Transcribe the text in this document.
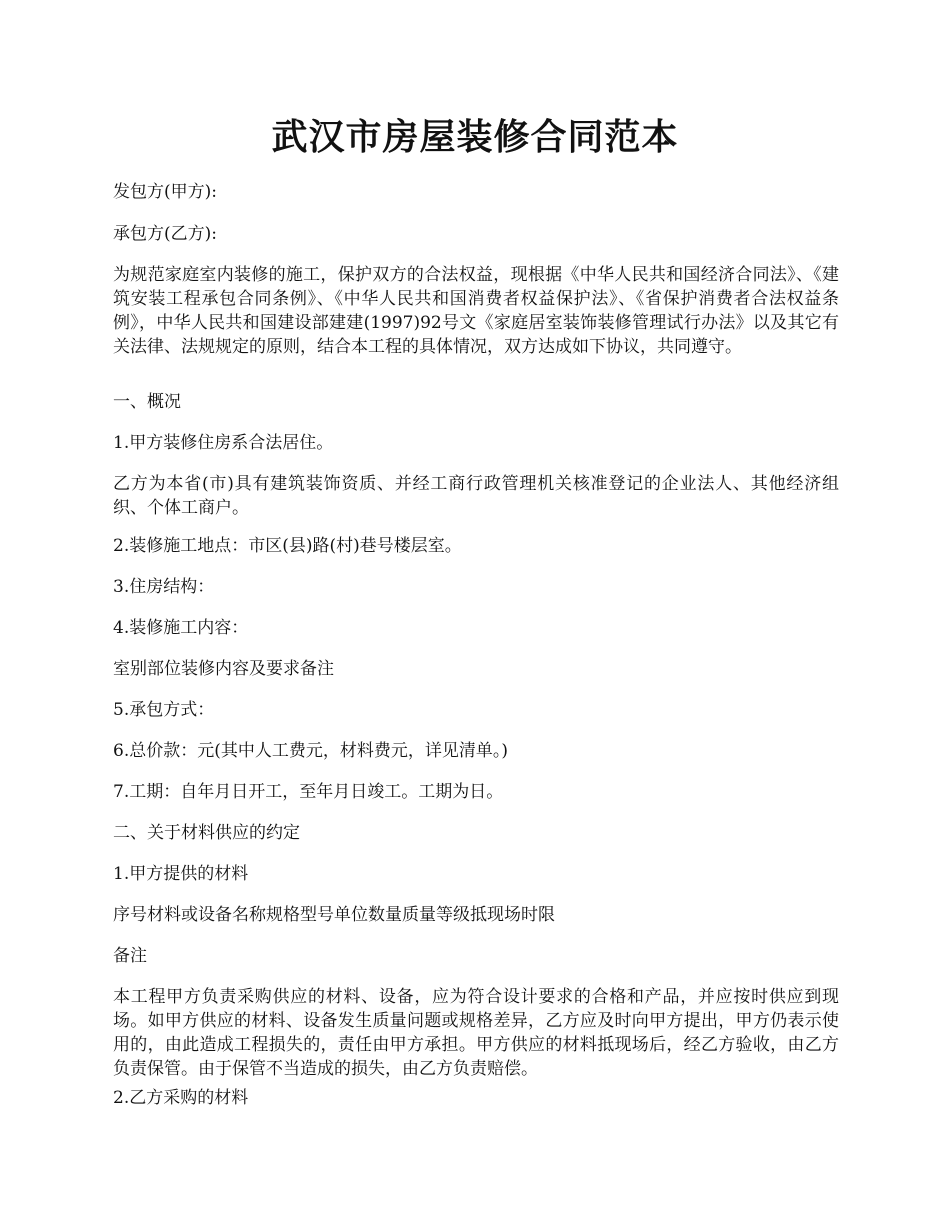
武汉市房屋装修合同范本

发包方(甲方):

承包方(乙方):

为规范家庭室内装修的施工，保护双方的合法权益，现根据《中华人民共和国经济合同法》、《建筑安装工程承包合同条例》、《中华人民共和国消费者权益保护法》、《省保护消费者合法权益条例》，中华人民共和国建设部建建(1997)92号文《家庭居室装饰装修管理试行办法》以及其它有关法律、法规规定的原则，结合本工程的具体情况，双方达成如下协议，共同遵守。

一、概况

1.甲方装修住房系合法居住。

乙方为本省(市)具有建筑装饰资质、并经工商行政管理机关核准登记的企业法人、其他经济组织、个体工商户。

2.装修施工地点：市区(县)路(村)巷号楼层室。

3.住房结构：

4.装修施工内容：

室别部位装修内容及要求备注

5.承包方式：

6.总价款：元(其中人工费元，材料费元，详见清单。)

7.工期：自年月日开工，至年月日竣工。工期为日。

二、关于材料供应的约定

1.甲方提供的材料

序号材料或设备名称规格型号单位数量质量等级抵现场时限

备注

本工程甲方负责采购供应的材料、设备，应为符合设计要求的合格和产品，并应按时供应到现场。如甲方供应的材料、设备发生质量问题或规格差异，乙方应及时向甲方提出，甲方仍表示使用的，由此造成工程损失的，责任由甲方承担。甲方供应的材料抵现场后，经乙方验收，由乙方负责保管。由于保管不当造成的损失，由乙方负责赔偿。

2.乙方采购的材料
